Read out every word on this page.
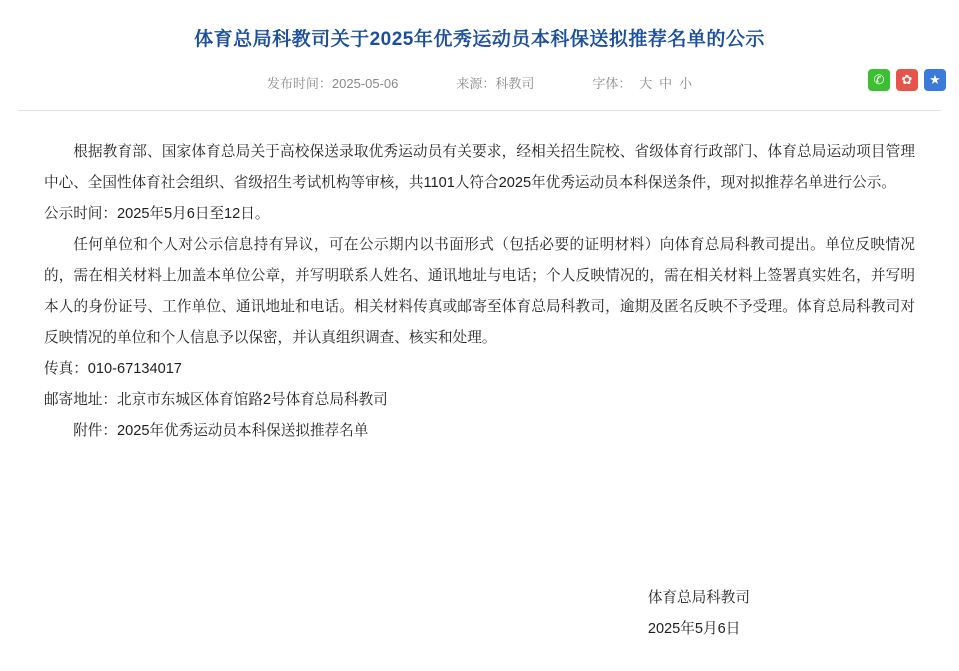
体育总局科教司关于2025年优秀运动员本科保送拟推荐名单的公示
发布时间：2025-05-06	来源：科教司	字体： 大 中 小	✆	✿	★

根据教育部、国家体育总局关于高校保送录取优秀运动员有关要求，经相关招生院校、省级体育行政部门、体育总局运动项目管理中心、全国性体育社会组织、省级招生考试机构等审核，共1101人符合2025年优秀运动员本科保送条件，现对拟推荐名单进行公示。

公示时间：2025年5月6日至12日。

任何单位和个人对公示信息持有异议，可在公示期内以书面形式（包括必要的证明材料）向体育总局科教司提出。单位反映情况的，需在相关材料上加盖本单位公章，并写明联系人姓名、通讯地址与电话；个人反映情况的，需在相关材料上签署真实姓名，并写明本人的身份证号、工作单位、通讯地址和电话。相关材料传真或邮寄至体育总局科教司，逾期及匿名反映不予受理。体育总局科教司对反映情况的单位和个人信息予以保密，并认真组织调查、核实和处理。

传真：010-67134017

邮寄地址：北京市东城区体育馆路2号体育总局科教司

附件：2025年优秀运动员本科保送拟推荐名单

体育总局科教司
2025年5月6日
